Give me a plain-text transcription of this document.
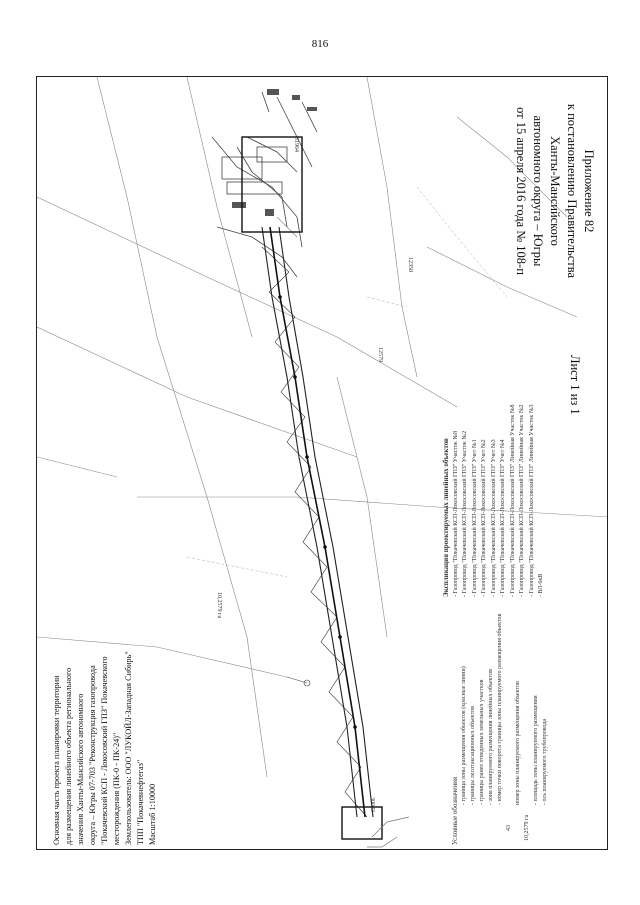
816
31964
12350
12579
10,2579 га
30033
Приложение 82
к постановлению Правительства
Ханты-Мансийского
автономного округа – Югры
от 15 апреля 2016 года № 108-п
Лист 1 из 1
Основная часть проекта планировки территории для размещения линейного объекта регионального значения Ханты-Мансийского автономного округа – Югры 07-703 "Реконструкция газопровода "Покачевский КСП - Локосовский ГПЗ" Покачевского месторождения (ПК-0 - ПК-24)" Землепользователь: ООО "ЛУКОЙЛ-Западная Сибирь" ТПП "Покачевнефтегаз" Масштаб 1:10000	Условные обозначения
- граница зоны размещения объектов (красные линии) - границы лесотаксационных объектов - границы ранее отведенных земельных участков - зона планируемого размещения линейных объектов - номер точки поворота границы зоны планируемого размещения объектов
43
номер зоны планируемого размещения объектов
10,2579 га
- площадь зоны планируемого размещения - ось планируемого трубопровода
Экспликация проектируемых линейных объектов - Газопровод "Покачевский КСП-Локосовский ГПЗ" Участок №8 - Газопровод "Покачевский КСП-Локосовский ГПЗ" Участок №2 - Газопровод "Покачевский КСП-Локосовский ГПЗ" Учет №1 - Газопровод "Покачевский КСП-Локосовский ГПЗ" Учет №2 - Газопровод "Покачевский КСП-Локосовский ГПЗ" Учет №3 - Газопровод "Покачевский КСП-Локосовский ГПЗ" Учет №4 - Газопровод "Покачевский КСП-Локосовский ГПЗ" Линейная Участок №8 - Газопровод "Покачевский КСП-Локосовский ГПЗ" Линейная Участок №2 - Газопровод "Покачевский КСП-Локосовский ГПЗ" Линейная Участок №3 - ВЛ-6кВ
